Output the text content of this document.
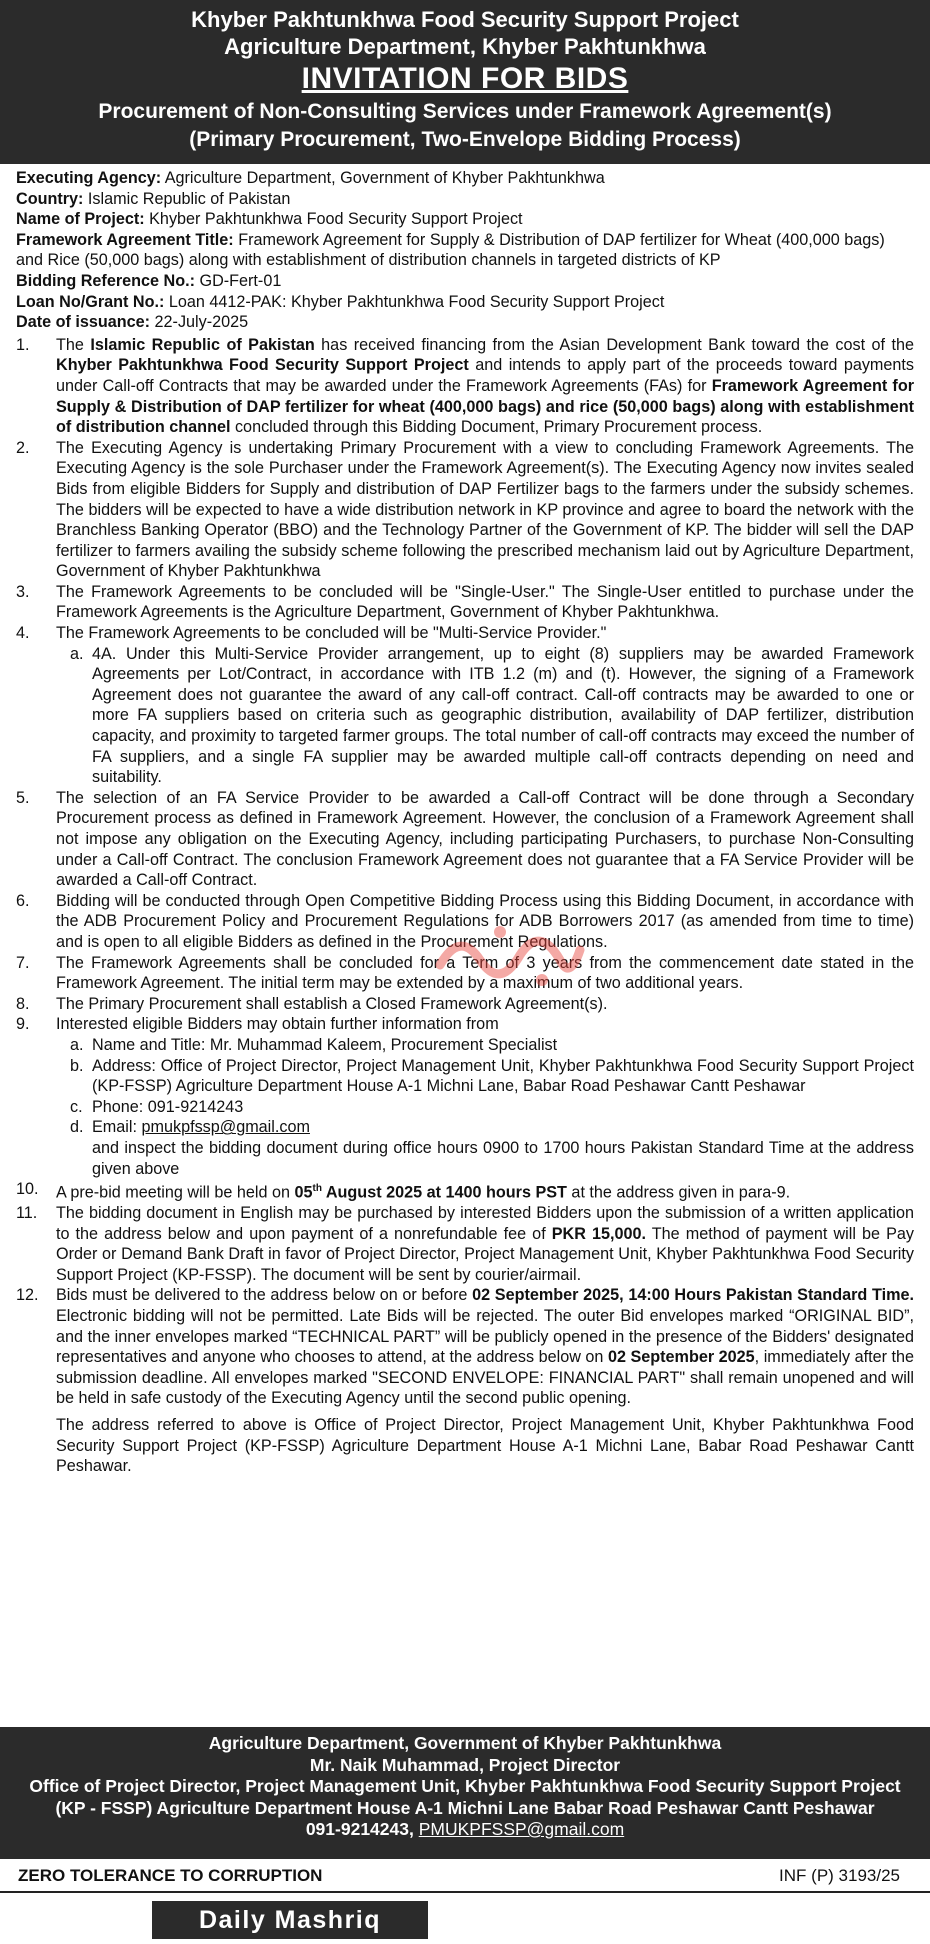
Khyber Pakhtunkhwa Food Security Support Project
Agriculture Department, Khyber Pakhtunkhwa
INVITATION FOR BIDS
Procurement of Non-Consulting Services under Framework Agreement(s)
(Primary Procurement, Two-Envelope Bidding Process)
Executing Agency: Agriculture Department, Government of Khyber Pakhtunkhwa
Country: Islamic Republic of Pakistan
Name of Project: Khyber Pakhtunkhwa Food Security Support Project
Framework Agreement Title: Framework Agreement for Supply & Distribution of DAP fertilizer for Wheat (400,000 bags) and Rice (50,000 bags) along with establishment of distribution channels in targeted districts of KP
Bidding Reference No.: GD-Fert-01
Loan No/Grant No.: Loan 4412-PAK: Khyber Pakhtunkhwa Food Security Support Project
Date of issuance: 22-July-2025
1. The Islamic Republic of Pakistan has received financing from the Asian Development Bank toward the cost of the Khyber Pakhtunkhwa Food Security Support Project and intends to apply part of the proceeds toward payments under Call-off Contracts that may be awarded under the Framework Agreements (FAs) for Framework Agreement for Supply & Distribution of DAP fertilizer for wheat (400,000 bags) and rice (50,000 bags) along with establishment of distribution channel concluded through this Bidding Document, Primary Procurement process.
2. The Executing Agency is undertaking Primary Procurement with a view to concluding Framework Agreements. The Executing Agency is the sole Purchaser under the Framework Agreement(s). The Executing Agency now invites sealed Bids from eligible Bidders for Supply and distribution of DAP Fertilizer bags to the farmers under the subsidy schemes. The bidders will be expected to have a wide distribution network in KP province and agree to board the network with the Branchless Banking Operator (BBO) and the Technology Partner of the Government of KP. The bidder will sell the DAP fertilizer to farmers availing the subsidy scheme following the prescribed mechanism laid out by Agriculture Department, Government of Khyber Pakhtunkhwa
3. The Framework Agreements to be concluded will be "Single-User." The Single-User entitled to purchase under the Framework Agreements is the Agriculture Department, Government of Khyber Pakhtunkhwa.
4. The Framework Agreements to be concluded will be "Multi-Service Provider."
a. 4A. Under this Multi-Service Provider arrangement, up to eight (8) suppliers may be awarded Framework Agreements per Lot/Contract, in accordance with ITB 1.2 (m) and (t). However, the signing of a Framework Agreement does not guarantee the award of any call-off contract. Call-off contracts may be awarded to one or more FA suppliers based on criteria such as geographic distribution, availability of DAP fertilizer, distribution capacity, and proximity to targeted farmer groups. The total number of call-off contracts may exceed the number of FA suppliers, and a single FA supplier may be awarded multiple call-off contracts depending on need and suitability.
5. The selection of an FA Service Provider to be awarded a Call-off Contract will be done through a Secondary Procurement process as defined in Framework Agreement. However, the conclusion of a Framework Agreement shall not impose any obligation on the Executing Agency, including participating Purchasers, to purchase Non-Consulting under a Call-off Contract. The conclusion Framework Agreement does not guarantee that a FA Service Provider will be awarded a Call-off Contract.
6. Bidding will be conducted through Open Competitive Bidding Process using this Bidding Document, in accordance with the ADB Procurement Policy and Procurement Regulations for ADB Borrowers 2017 (as amended from time to time) and is open to all eligible Bidders as defined in the Procurement Regulations.
7. The Framework Agreements shall be concluded for a Term of 3 years from the commencement date stated in the Framework Agreement. The initial term may be extended by a maximum of two additional years.
8. The Primary Procurement shall establish a Closed Framework Agreement(s).
9. Interested eligible Bidders may obtain further information from
a. Name and Title: Mr. Muhammad Kaleem, Procurement Specialist
b. Address: Office of Project Director, Project Management Unit, Khyber Pakhtunkhwa Food Security Support Project (KP-FSSP) Agriculture Department House A-1 Michni Lane, Babar Road Peshawar Cantt Peshawar
c. Phone: 091-9214243
d. Email: pmukpfssp@gmail.com
and inspect the bidding document during office hours 0900 to 1700 hours Pakistan Standard Time at the address given above
10. A pre-bid meeting will be held on 05th August 2025 at 1400 hours PST at the address given in para-9.
11. The bidding document in English may be purchased by interested Bidders upon the submission of a written application to the address below and upon payment of a nonrefundable fee of PKR 15,000. The method of payment will be Pay Order or Demand Bank Draft in favor of Project Director, Project Management Unit, Khyber Pakhtunkhwa Food Security Support Project (KP-FSSP). The document will be sent by courier/airmail.
12. Bids must be delivered to the address below on or before 02 September 2025, 14:00 Hours Pakistan Standard Time. Electronic bidding will not be permitted. Late Bids will be rejected. The outer Bid envelopes marked “ORIGINAL BID”, and the inner envelopes marked “TECHNICAL PART” will be publicly opened in the presence of the Bidders' designated representatives and anyone who chooses to attend, at the address below on 02 September 2025, immediately after the submission deadline. All envelopes marked "SECOND ENVELOPE: FINANCIAL PART" shall remain unopened and will be held in safe custody of the Executing Agency until the second public opening.
The address referred to above is Office of Project Director, Project Management Unit, Khyber Pakhtunkhwa Food Security Support Project (KP-FSSP) Agriculture Department House A-1 Michni Lane, Babar Road Peshawar Cantt Peshawar.
Agriculture Department, Government of Khyber Pakhtunkhwa
Mr. Naik Muhammad, Project Director
Office of Project Director, Project Management Unit, Khyber Pakhtunkhwa Food Security Support Project
(KP - FSSP) Agriculture Department House A-1 Michni Lane Babar Road Peshawar Cantt Peshawar
091-9214243, PMUKPFSSP@gmail.com
ZERO TOLERANCE TO CORRUPTION	INF (P) 3193/25
Daily Mashriq
